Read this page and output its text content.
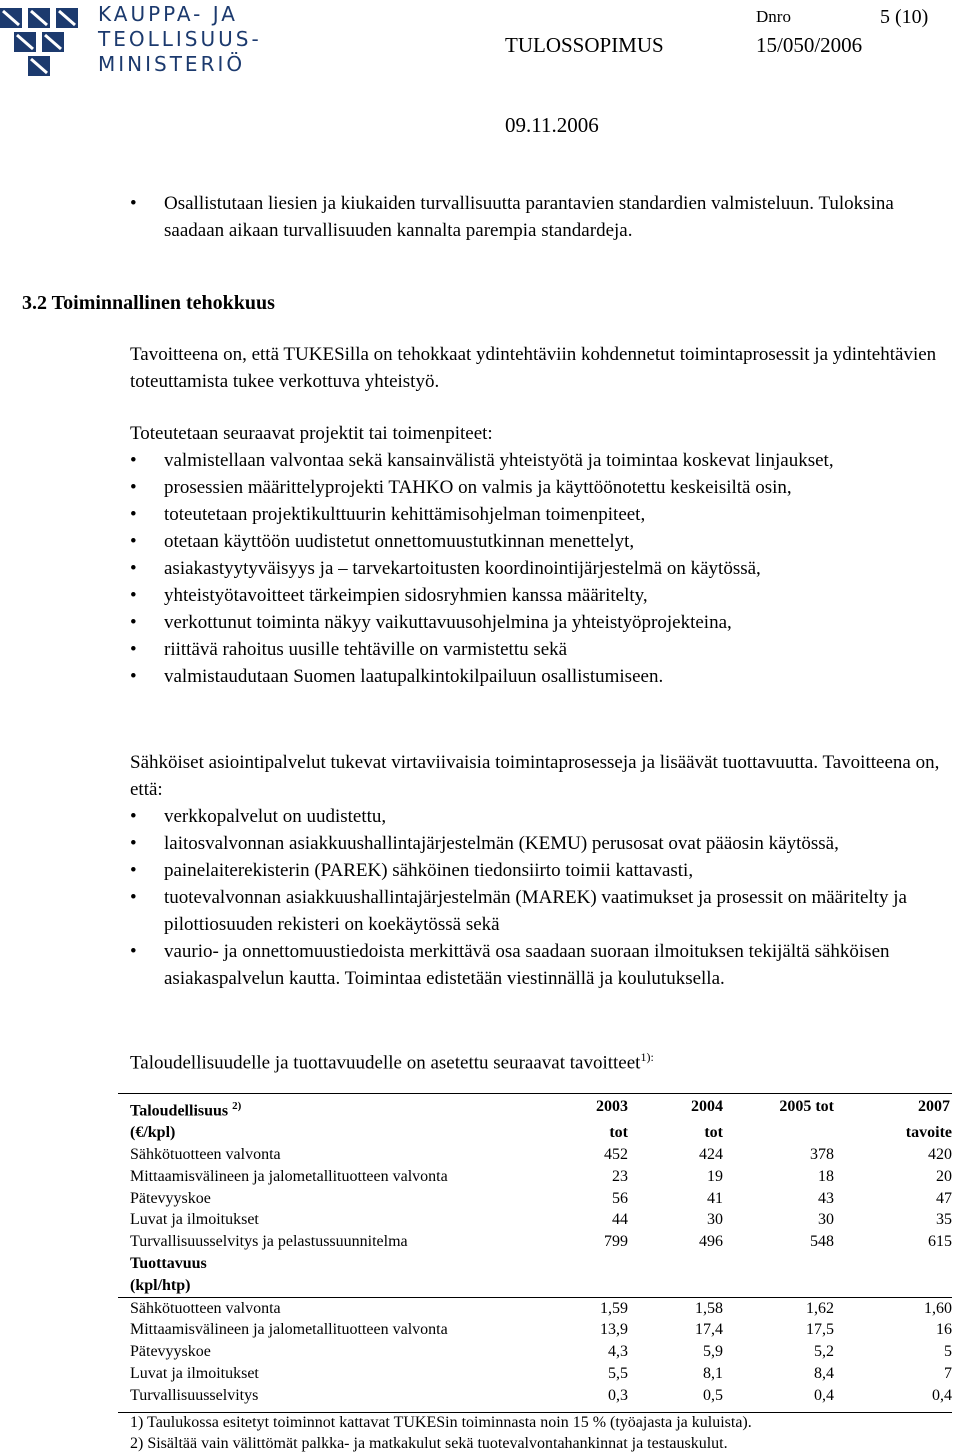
KAUPPA- JA
TEOLLISUUS-
MINISTERIÖ
Dnro	5 (10)
TULOSSOPIMUS	15/050/2006
09.11.2006
• Osallistutaan liesien ja kiukaiden turvallisuutta parantavien standardien valmisteluun. Tuloksina saadaan aikaan turvallisuuden kannalta parempia standardeja.
3.2 Toiminnallinen tehokkuus
Tavoitteena on, että TUKESilla on tehokkaat ydintehtäviin kohdennetut toimintaprosessit ja ydintehtävien toteuttamista tukee verkottuva yhteistyö.
Toteutetaan seuraavat projektit tai toimenpiteet:
• valmistellaan valvontaa sekä kansainvälistä yhteistyötä ja toimintaa koskevat linjaukset,
• prosessien määrittelyprojekti TAHKO on valmis ja käyttöönotettu keskeisiltä osin,
• toteutetaan projektikulttuurin kehittämisohjelman toimenpiteet,
• otetaan käyttöön uudistetut onnettomuustutkinnan menettelyt,
• asiakastyytyväisyys ja – tarvekartoitusten koordinointijärjestelmä on käytössä,
• yhteistyötavoitteet tärkeimpien sidosryhmien kanssa määritelty,
• verkottunut toiminta näkyy vaikuttavuusohjelmina ja yhteistyöprojekteina,
• riittävä rahoitus uusille tehtäville on varmistettu sekä
• valmistaudutaan Suomen laatupalkintokilpailuun osallistumiseen.
Sähköiset asiointipalvelut tukevat virtaviivaisia toimintaprosesseja ja lisäävät tuottavuutta. Tavoitteena on, että:
• verkkopalvelut on uudistettu,
• laitosvalvonnan asiakkuushallintajärjestelmän (KEMU) perusosat ovat pääosin käytössä,
• painelaiterekisterin (PAREK) sähköinen tiedonsiirto toimii kattavasti,
• tuotevalvonnan asiakkuushallintajärjestelmän (MAREK) vaatimukset ja prosessit on määritelty ja pilottiosuuden rekisteri on koekäytössä sekä
• vaurio- ja onnettomuustiedoista merkittävä osa saadaan suoraan ilmoituksen tekijältä sähköisen asiakaspalvelun kautta. Toimintaa edistetään viestinnällä ja koulutuksella.
Taloudellisuudelle ja tuottavuudelle on asetettu seuraavat tavoitteet$^{1):}$
Taloudellisuus $^{2)}$	2003	2004	2005 tot	2007
(€/kpl)	tot	tot		tavoite
Sähkötuotteen valvonta	452	424	378	420
Mittaamisvälineen ja jalometallituotteen valvonta	23	19	18	20
Pätevyyskoe	56	41	43	47
Luvat ja ilmoitukset	44	30	30	35
Turvallisuusselvitys ja pelastussuunnitelma	799	496	548	615
Tuottavuus				
(kpl/htp)				
Sähkötuotteen valvonta	1,59	1,58	1,62	1,60
Mittaamisvälineen ja jalometallituotteen valvonta	13,9	17,4	17,5	16
Pätevyyskoe	4,3	5,9	5,2	5
Luvat ja ilmoitukset	5,5	8,1	8,4	7
Turvallisuusselvitys	0,3	0,5	0,4	0,4
1) Taulukossa esitetyt toiminnot kattavat TUKESin toiminnasta noin 15 % (työajasta ja kuluista).
2) Sisältää vain välittömät palkka- ja matkakulut sekä tuotevalvontahankinnat ja testauskulut.
